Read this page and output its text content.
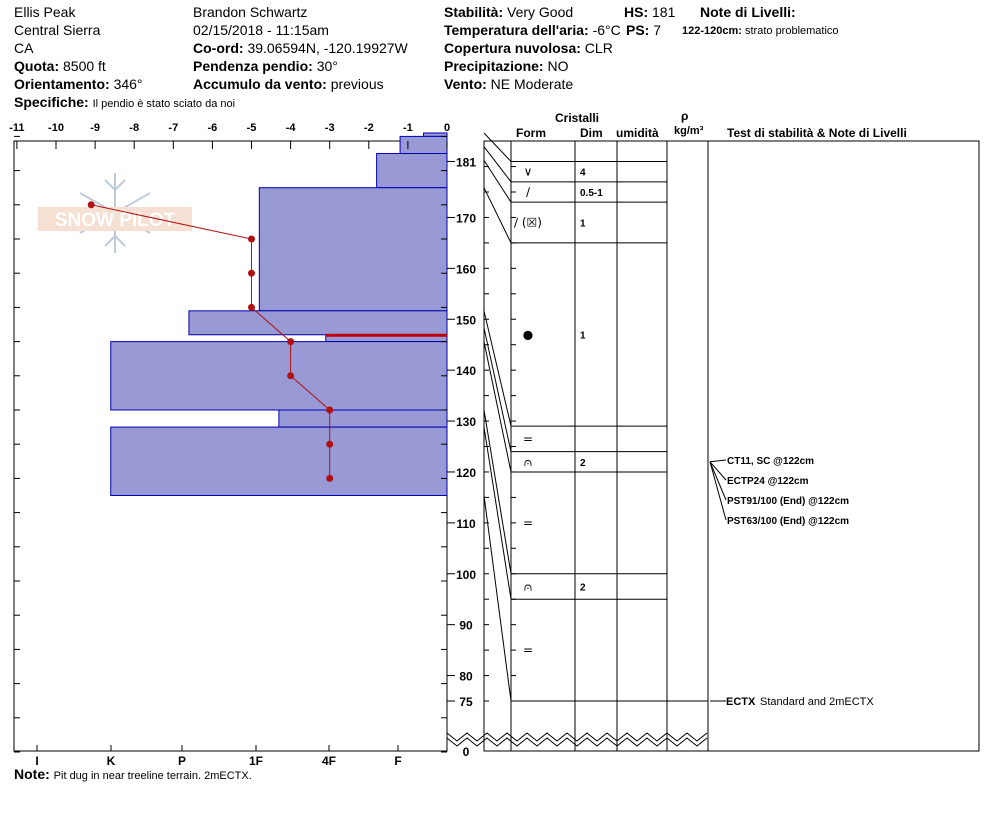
Ellis Peak
Central Sierra
CA
Quota: 8500 ft
Orientamento: 346°
Specifiche: Il pendio è stato sciato da noi
Brandon Schwartz
02/15/2018 - 11:15am
Co-ord: 39.06594N, -120.19927W
Pendenza pendio: 30°
Accumulo da vento: previous
Stabilità: Very Good
Temperatura dell'aria: -6°C
Copertura nuvolosa: CLR
Precipitazione: NO
Vento: NE Moderate
HS: 181
PS: 7
Note di Livelli:
122-120cm: strato problematico
Cristalli
Form	Dim umidità
ρ
kg/m³ Test di stabilità & Note di Livelli
Note: Pit dug in near treeline terrain. 2mECTX.
SNOW PILOT
-11 -10 -9	-8	-7	-6	-5	-4	-3	-2	-1	0
I	K	P	1F	4F	F
181
170
160
150
140
130
120
110
100
90
80
75
0
∨	4
∕	0.5-1
∕ (☒)	1
●	1
=
⩀	2
=
⩀	2
=
CT11, SC @122cm
ECTP24 @122cm
PST91/100 (End) @122cm
PST63/100 (End) @122cm
ECTX Standard and 2mECTX
